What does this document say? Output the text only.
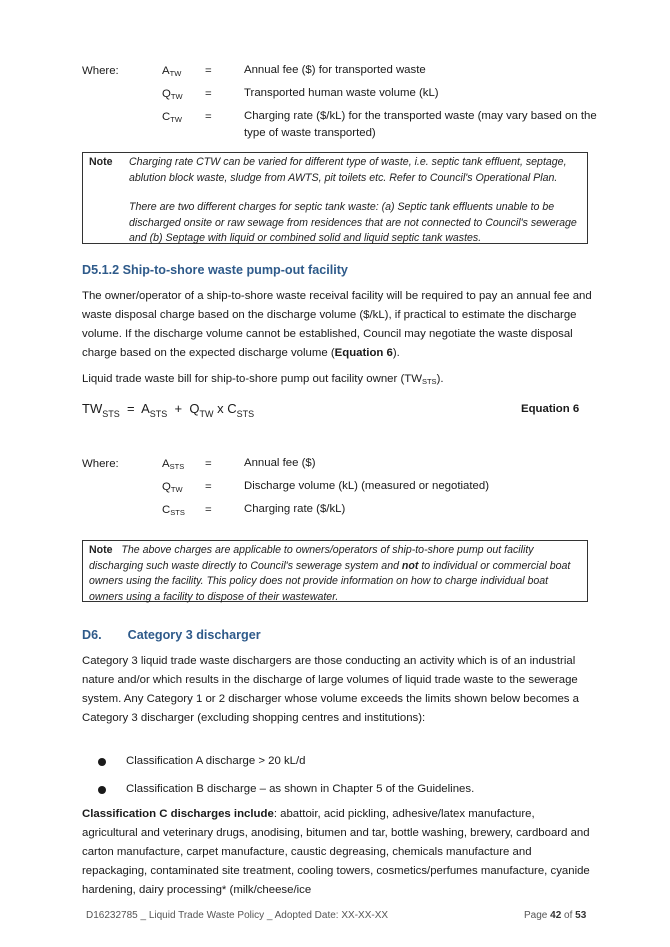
Where:	$A_{TW}$ =	Annual fee ($) for transported waste
$Q_{TW}$ =	Transported human waste volume (kL)
$C_{TW}$ =	Charging rate ($/kL) for the transported waste (may vary based on the type of waste transported)
Note	Charging rate CTW can be varied for different type of waste, i.e. septic tank effluent, septage, ablution block waste, sludge from AWTS, pit toilets etc. Refer to Council's Operational Plan.
There are two different charges for septic tank waste: (a) Septic tank effluents unable to be discharged onsite or raw sewage from residences that are not connected to Council's sewerage and (b) Septage with liquid or combined solid and liquid septic tank wastes.
D5.1.2 Ship-to-shore waste pump-out facility
The owner/operator of a ship-to-shore waste receival facility will be required to pay an annual fee and waste disposal charge based on the discharge volume ($/kL), if practical to estimate the discharge volume. If the discharge volume cannot be established, Council may negotiate the waste disposal charge based on the expected discharge volume (Equation 6).
Liquid trade waste bill for ship-to-shore pump out facility owner $(TW_{STS})$.
$TW_{STS} = A_{STS} + Q_{TW}$ x $C_{STS}$	Equation 6
Where:	$A_{STS}$ =	Annual fee ($)
$Q_{TW}$ =	Discharge volume (kL) (measured or negotiated)
$C_{STS}$ =	Charging rate ($/kL)
Note The above charges are applicable to owners/operators of ship-to-shore pump out facility discharging such waste directly to Council's sewerage system and not to individual or commercial boat owners using the facility. This policy does not provide information on how to charge individual boat owners using a facility to dispose of their wastewater.
D6. Category 3 discharger
Category 3 liquid trade waste dischargers are those conducting an activity which is of an industrial nature and/or which results in the discharge of large volumes of liquid trade waste to the sewerage system. Any Category 1 or 2 discharger whose volume exceeds the limits shown below becomes a Category 3 discharger (excluding shopping centres and institutions):
Classification A discharge > 20 kL/d
Classification B discharge – as shown in Chapter 5 of the Guidelines.
Classification C discharges include: abattoir, acid pickling, adhesive/latex manufacture, agricultural and veterinary drugs, anodising, bitumen and tar, bottle washing, brewery, cardboard and carton manufacture, carpet manufacture, caustic degreasing, chemicals manufacture and repackaging, contaminated site treatment, cooling towers, cosmetics/perfumes manufacture, cyanide hardening, dairy processing* (milk/cheese/ice
D16232785 _ Liquid Trade Waste Policy _ Adopted Date: XX-XX-XX	Page 42 of 53
